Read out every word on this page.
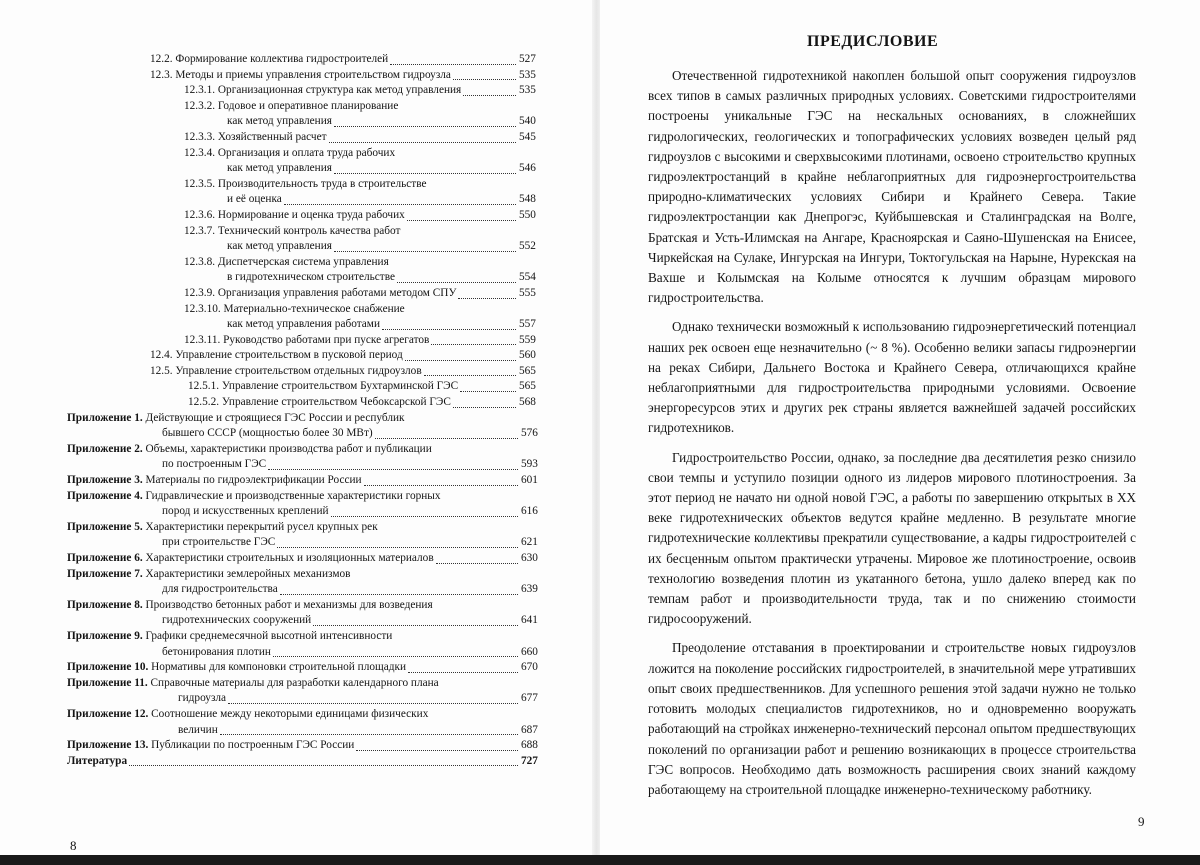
12.2. Формирование коллектива гидростроителей	527
12.3. Методы и приемы управления строительством гидроузла	535
12.3.1. Организационная структура как метод управления	535
12.3.2. Годовое и оперативное планирование
как метод управления	540
12.3.3. Хозяйственный расчет	545
12.3.4. Организация и оплата труда рабочих
как метод управления	546
12.3.5. Производительность труда в строительстве
и её оценка	548
12.3.6. Нормирование и оценка труда рабочих	550
12.3.7. Технический контроль качества работ
как метод управления	552
12.3.8. Диспетчерская система управления
в гидротехническом строительстве	554
12.3.9. Организация управления работами методом СПУ	555
12.3.10. Материально-техническое снабжение
как метод управления работами	557
12.3.11. Руководство работами при пуске агрегатов	559
12.4. Управление строительством в пусковой период	560
12.5. Управление строительством отдельных гидроузлов	565
12.5.1. Управление строительством Бухтарминской ГЭС	565
12.5.2. Управление строительством Чебоксарской ГЭС	568
Приложение 1. Действующие и строящиеся ГЭС России и республик
бывшего СССР (мощностью более 30 МВт)	576
Приложение 2. Объемы, характеристики производства работ и публикации
по построенным ГЭС	593
Приложение 3. Материалы по гидроэлектрификации России	601
Приложение 4. Гидравлические и производственные характеристики горных
пород и искусственных креплений	616
Приложение 5. Характеристики перекрытий русел крупных рек
при строительстве ГЭС	621
Приложение 6. Характеристики строительных и изоляционных материалов	630
Приложение 7. Характеристики землеройных механизмов
для гидростроительства	639
Приложение 8. Производство бетонных работ и механизмы для возведения
гидротехнических сооружений	641
Приложение 9. Графики среднемесячной высотной интенсивности
бетонирования плотин	660
Приложение 10. Нормативы для компоновки строительной площадки	670
Приложение 11. Справочные материалы для разработки календарного плана
гидроузла	677
Приложение 12. Соотношение между некоторыми единицами физических
величин	687
Приложение 13. Публикации по построенным ГЭС России	688
Литература	727
8
ПРЕДИСЛОВИЕ

Отечественной гидротехникой накоплен большой опыт сооружения гидроузлов всех типов в самых различных природных условиях. Советскими гидростроителями построены уникальные ГЭС на нескальных основаниях, в сложнейших гидрологических, геологических и топографических условиях возведен целый ряд гидроузлов с высокими и сверхвысокими плотинами, освоено строительство крупных гидроэлектростанций в крайне неблагоприятных для гидроэнергостроительства природно-климатических условиях Сибири и Крайнего Севера. Такие гидроэлектростанции как Днепрогэс, Куйбышевская и Сталинградская на Волге, Братская и Усть-Илимская на Ангаре, Красноярская и Саяно-Шушенская на Енисее, Чиркейская на Сулаке, Ингурская на Ингури, Токтогульская на Нарыне, Нурекская на Вахше и Колымская на Колыме относятся к лучшим образцам мирового гидростроительства.

Однако технически возможный к использованию гидроэнергетический потенциал наших рек освоен еще незначительно (~ 8 %). Особенно велики запасы гидроэнергии на реках Сибири, Дальнего Востока и Крайнего Севера, отличающихся крайне неблагоприятными для гидростроительства природными условиями. Освоение энергоресурсов этих и других рек страны является важнейшей задачей российских гидротехников.

Гидростроительство России, однако, за последние два десятилетия резко снизило свои темпы и уступило позиции одного из лидеров мирового плотиностроения. За этот период не начато ни одной новой ГЭС, а работы по завершению открытых в XX веке гидротехнических объектов ведутся крайне медленно. В результате многие гидротехнические коллективы прекратили существование, а кадры гидростроителей с их бесценным опытом практически утрачены. Мировое же плотиностроение, освоив технологию возведения плотин из укатанного бетона, ушло далеко вперед как по темпам работ и производительности труда, так и по снижению стоимости гидросооружений.

Преодоление отставания в проектировании и строительстве новых гидроузлов ложится на поколение российских гидростроителей, в значительной мере утративших опыт своих предшественников. Для успешного решения этой задачи нужно не только готовить молодых специалистов гидротехников, но и одновременно вооружать работающий на стройках инженерно-технический персонал опытом предшествующих поколений по организации работ и решению возникающих в процессе строительства ГЭС вопросов. Необходимо дать возможность расширения своих знаний каждому работающему на строительной площадке инженерно-техническому работнику.

9
